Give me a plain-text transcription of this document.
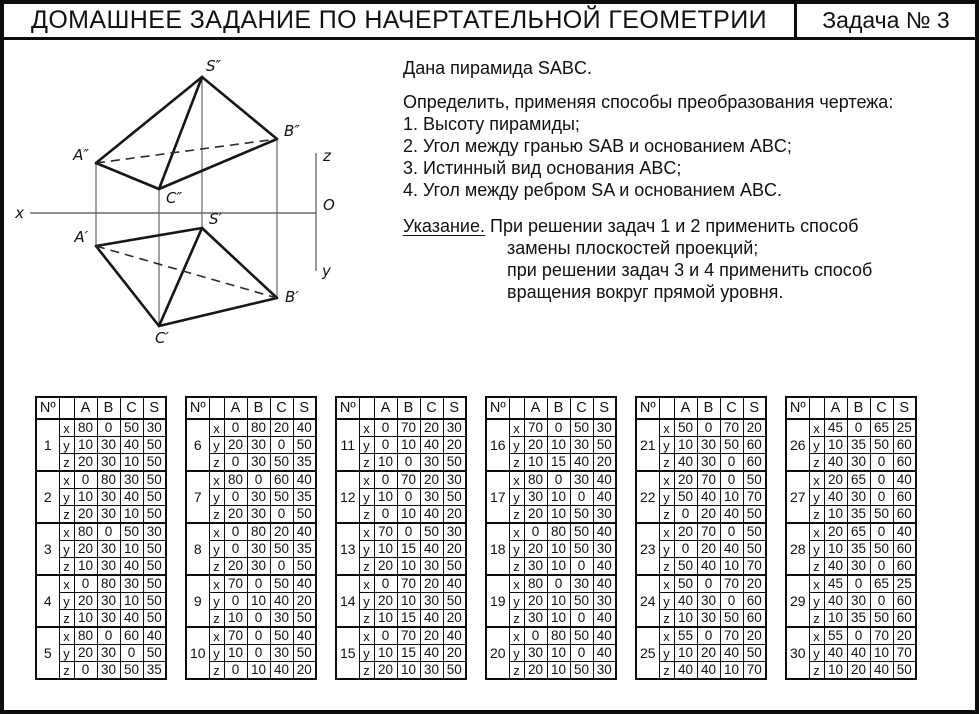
ДОМАШНЕЕ ЗАДАНИЕ ПО НАЧЕРТАТЕЛЬНОЙ ГЕОМЕТРИИ	Задача № 3
S″
A″
B″
C″
S′
A′
B′
C′
x
z
O
y
Дана пирамида SABC.
Определить, применяя способы преобразования чертежа:
1. Высоту пирамиды;
2. Угол между гранью SAB и основанием ABC;
3. Истинный вид основания ABC;
4. Угол между ребром SA и основанием ABC.
Указание. При решении задач 1 и 2 применить способ
замены плоскостей проекций;
при решении задач 3 и 4 применить способ
вращения вокруг прямой уровня.
Nº		A	B	C	S
1	x	80	0	50	30
	y	10	30	40	50
	z	20	30	10	50
2	x	0	80	30	50
	y	10	30	40	50
	z	20	30	10	50
3	x	80	0	50	30
	y	20	30	10	50
	z	10	30	40	50
4	x	0	80	30	50
	y	20	30	10	50
	z	10	30	40	50
5	x	80	0	60	40
	y	20	30	0	50
	z	0	30	50	35
Nº		A	B	C	S
6	x	0	80	20	40
	y	20	30	0	50
	z	0	30	50	35
7	x	80	0	60	40
	y	0	30	50	35
	z	20	30	0	50
8	x	0	80	20	40
	y	0	30	50	35
	z	20	30	0	50
9	x	70	0	50	40
	y	0	10	40	20
	z	10	0	30	50
10	x	70	0	50	40
	y	10	0	30	50
	z	0	10	40	20
Nº		A	B	C	S
11	x	0	70	20	30
	y	0	10	40	20
	z	10	0	30	50
12	x	0	70	20	30
	y	10	0	30	50
	z	0	10	40	20
13	x	70	0	50	30
	y	10	15	40	20
	z	20	10	30	50
14	x	0	70	20	40
	y	20	10	30	50
	z	10	15	40	20
15	x	0	70	20	40
	y	10	15	40	20
	z	20	10	30	50
Nº		A	B	C	S
16	x	70	0	50	30
	y	20	10	30	50
	z	10	15	40	20
17	x	80	0	30	40
	y	30	10	0	40
	z	20	10	50	30
18	x	0	80	50	40
	y	20	10	50	30
	z	30	10	0	40
19	x	80	0	30	40
	y	20	10	50	30
	z	30	10	0	40
20	x	0	80	50	40
	y	30	10	0	40
	z	20	10	50	30
Nº		A	B	C	S
21	x	50	0	70	20
	y	10	30	50	60
	z	40	30	0	60
22	x	20	70	0	50
	y	50	40	10	70
	z	0	20	40	50
23	x	20	70	0	50
	y	0	20	40	50
	z	50	40	10	70
24	x	50	0	70	20
	y	40	30	0	60
	z	10	30	50	60
25	x	55	0	70	20
	y	10	20	40	50
	z	40	40	10	70
Nº		A	B	C	S
26	x	45	0	65	25
	y	10	35	50	60
	z	40	30	0	60
27	x	20	65	0	40
	y	40	30	0	60
	z	10	35	50	60
28	x	20	65	0	40
	y	10	35	50	60
	z	40	30	0	60
29	x	45	0	65	25
	y	40	30	0	60
	z	10	35	50	60
30	x	55	0	70	20
	y	40	40	10	70
	z	10	20	40	50
